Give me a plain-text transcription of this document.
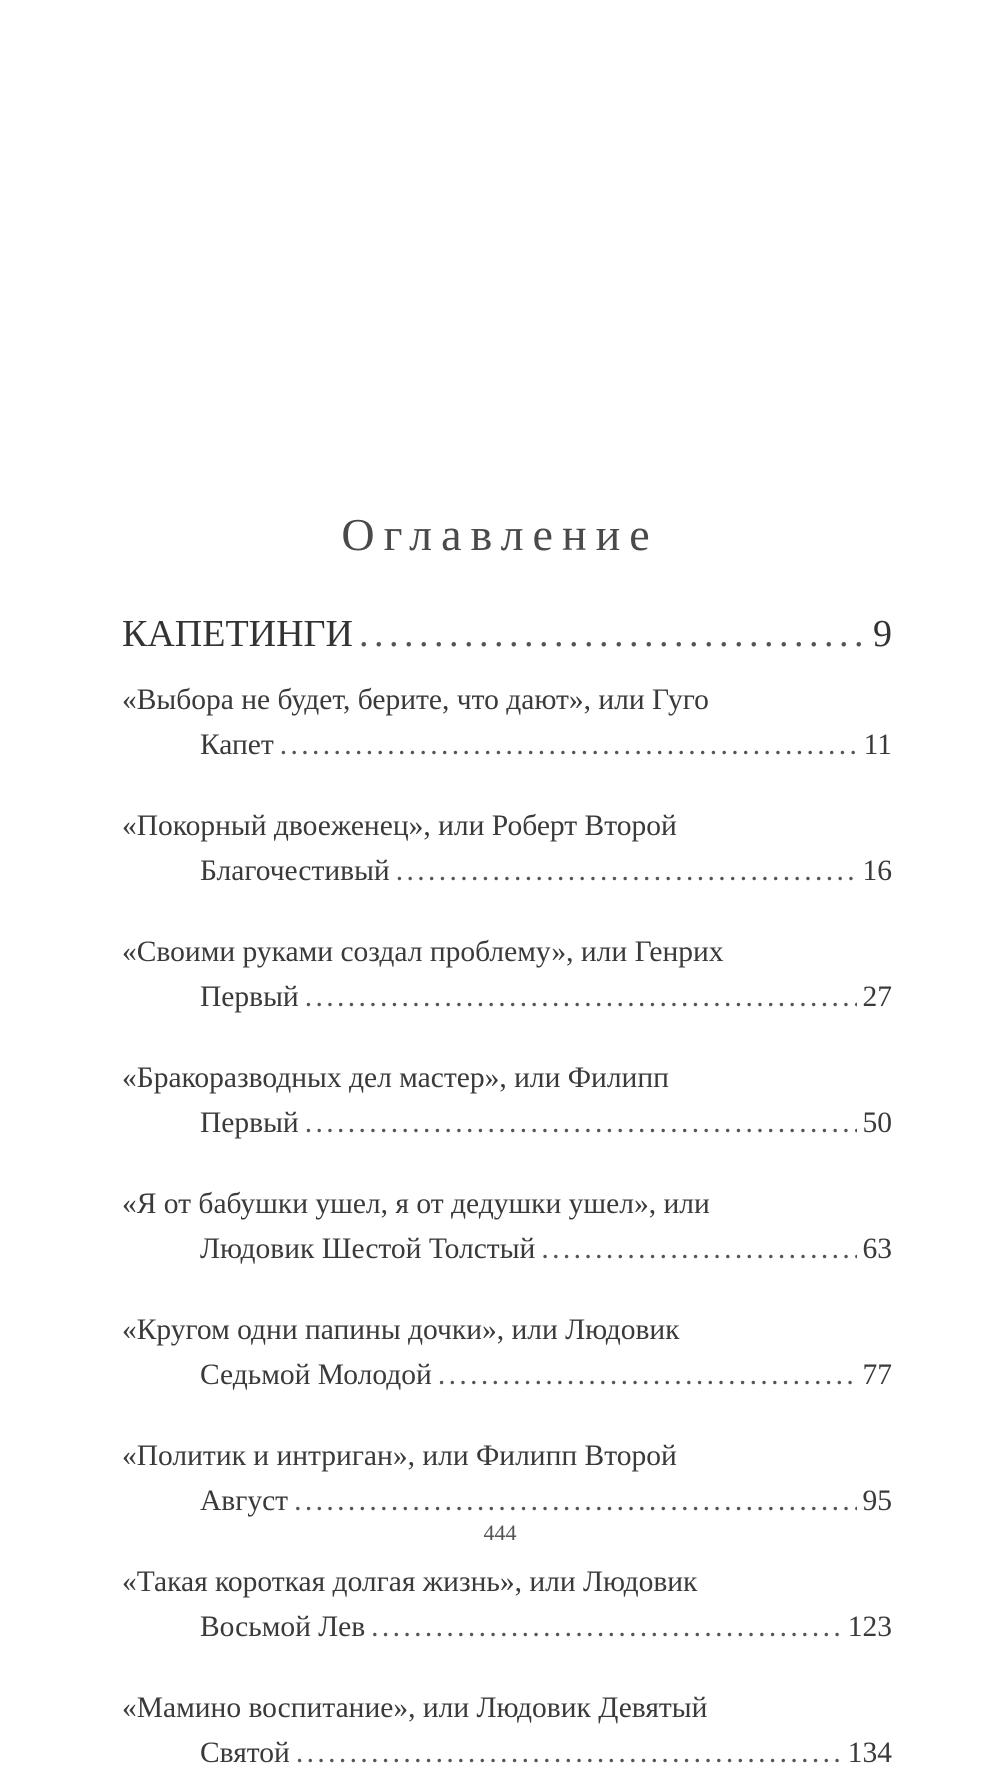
Оглавление
КАПЕТИНГИ . . .	9
«Выбора не будет, берите, что дают», или Гуго
Капет . . .	11
«Покорный двоеженец», или Роберт Второй
Благочестивый . . .	16
«Своими руками создал проблему», или Генрих
Первый . . .	27
«Бракоразводных дел мастер», или Филипп
Первый . . .	50
«Я от бабушки ушел, я от дедушки ушел», или
Людовик Шестой Толстый . . .	63
«Кругом одни папины дочки», или Людовик
Седьмой Молодой . . .	77
«Политик и интриган», или Филипп Второй
Август . . .	95
«Такая короткая долгая жизнь», или Людовик
Восьмой Лев . . .	123
«Мамино воспитание», или Людовик Девятый
Святой . . .	134
444
